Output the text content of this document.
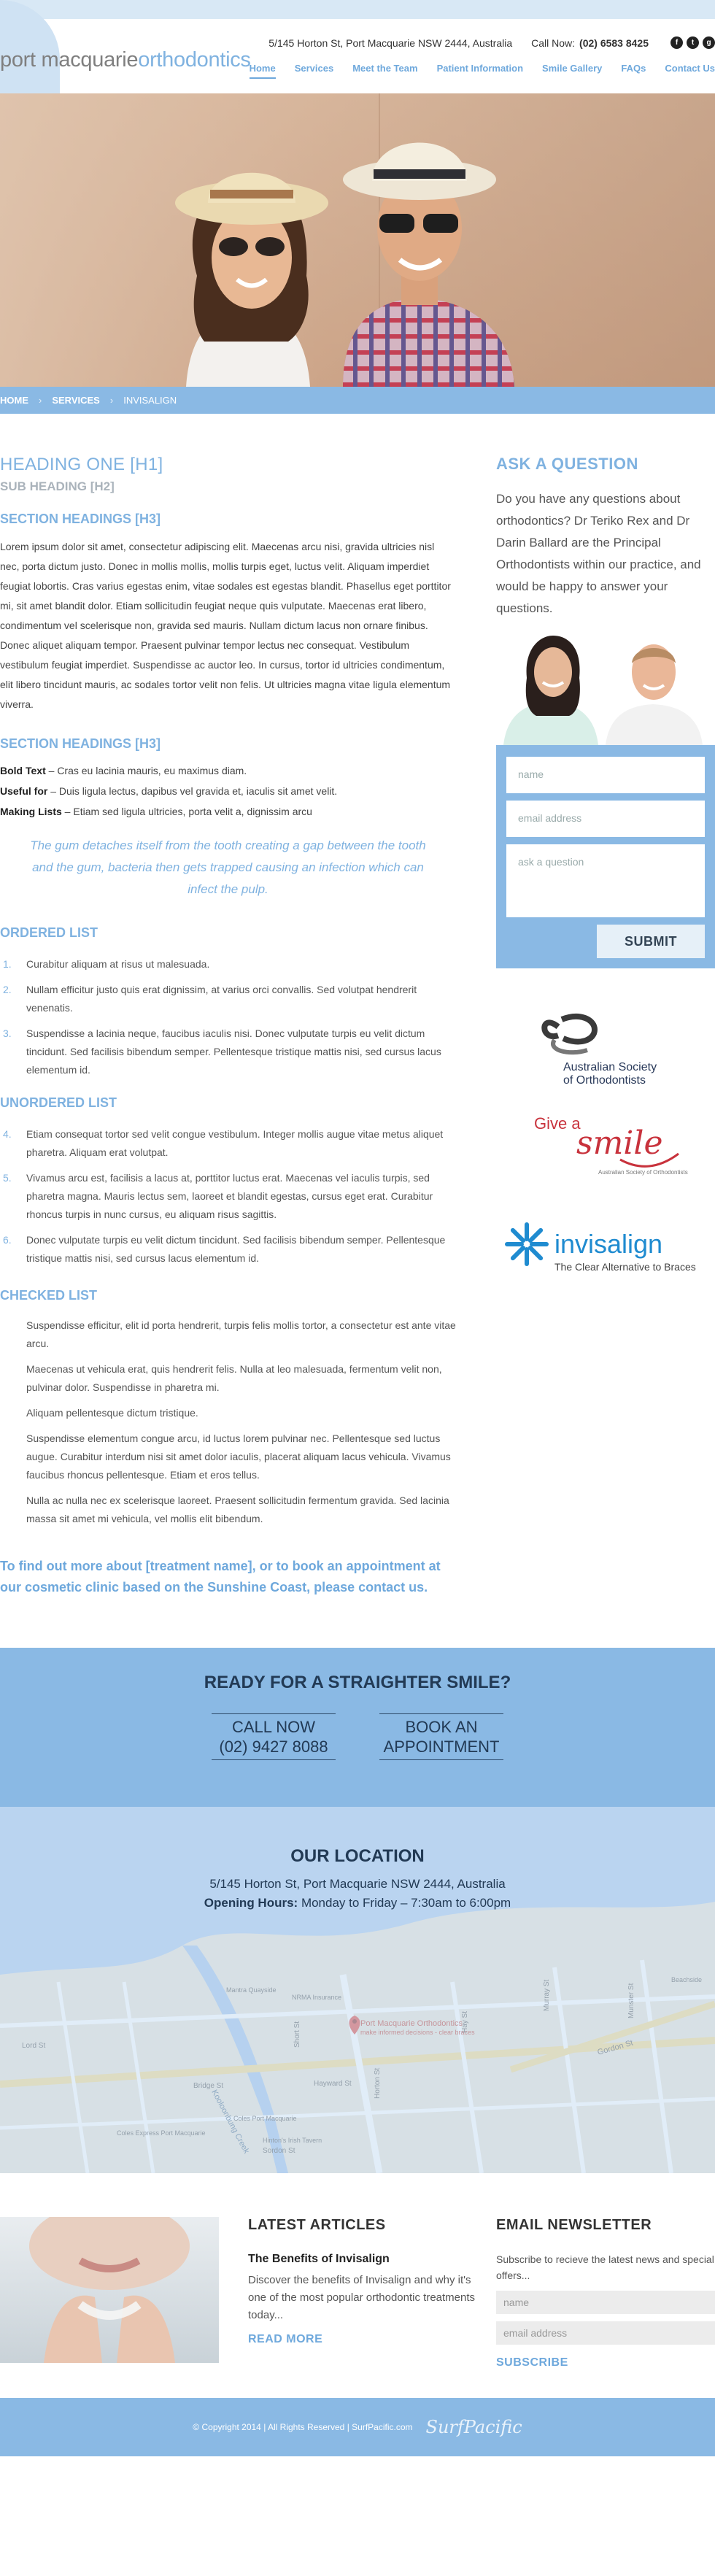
port macquarieorthodontics
5/145 Horton St, Port Macquarie NSW 2444, Australia Call Now: (02) 6583 8425	f	t	g
Home Services Meet the Team Patient Information Smile Gallery FAQs Contact Us
HOME › SERVICES › INVISALIGN
HEADING ONE [H1]
SUB HEADING [H2]
SECTION HEADINGS [H3]

Lorem ipsum dolor sit amet, consectetur adipiscing elit. Maecenas arcu nisi, gravida ultricies nisl nec, porta dictum justo. Donec in mollis mollis, mollis turpis eget, luctus velit. Aliquam imperdiet feugiat lobortis. Cras varius egestas enim, vitae sodales est egestas blandit. Phasellus eget porttitor mi, sit amet blandit dolor. Etiam sollicitudin feugiat neque quis vulputate. Maecenas erat libero, condimentum vel scelerisque non, gravida sed mauris. Nullam dictum lacus non ornare finibus. Donec aliquet aliquam tempor. Praesent pulvinar tempor lectus nec consequat. Vestibulum vestibulum feugiat imperdiet. Suspendisse ac auctor leo. In cursus, tortor id ultricies condimentum, elit libero tincidunt mauris, ac sodales tortor velit non felis. Ut ultricies magna vitae ligula elementum viverra.

SECTION HEADINGS [H3]

Bold Text – Cras eu lacinia mauris, eu maximus diam.

Useful for – Duis ligula lectus, dapibus vel gravida et, iaculis sit amet velit.

Making Lists – Etiam sed ligula ultricies, porta velit a, dignissim arcu

The gum detaches itself from the tooth creating a gap between the tooth and the gum, bacteria then gets trapped causing an infection which can infect the pulp.

ORDERED LIST
1. Curabitur aliquam at risus ut malesuada.
2. Nullam efficitur justo quis erat dignissim, at varius orci convallis. Sed volutpat hendrerit venenatis.
3. Suspendisse a lacinia neque, faucibus iaculis nisi. Donec vulputate turpis eu velit dictum tincidunt. Sed facilisis bibendum semper. Pellentesque tristique mattis nisi, sed cursus lacus elementum id.
UNORDERED LIST
4. Etiam consequat tortor sed velit congue vestibulum. Integer mollis augue vitae metus aliquet pharetra. Aliquam erat volutpat.
5. Vivamus arcu est, facilisis a lacus at, porttitor luctus erat. Maecenas vel iaculis turpis, sed pharetra magna. Mauris lectus sem, laoreet et blandit egestas, cursus eget erat. Curabitur rhoncus turpis in nunc cursus, eu aliquam risus sagittis.
6. Donec vulputate turpis eu velit dictum tincidunt. Sed facilisis bibendum semper. Pellentesque tristique mattis nisi, sed cursus lacus elementum id.
CHECKED LIST

Suspendisse efficitur, elit id porta hendrerit, turpis felis mollis tortor, a consectetur est ante vitae arcu.

Maecenas ut vehicula erat, quis hendrerit felis. Nulla at leo malesuada, fermentum velit non, pulvinar dolor. Suspendisse in pharetra mi.

Aliquam pellentesque dictum tristique.

Suspendisse elementum congue arcu, id luctus lorem pulvinar nec. Pellentesque sed luctus augue. Curabitur interdum nisi sit amet dolor iaculis, placerat aliquam lacus vehicula. Vivamus faucibus rhoncus pellentesque. Etiam et eros tellus.

Nulla ac nulla nec ex scelerisque laoreet. Praesent sollicitudin fermentum gravida. Sed lacinia massa sit amet mi vehicula, vel mollis elit bibendum.

To find out more about [treatment name], or to book an appointment at our cosmetic clinic based on the Sunshine Coast, please contact us.

ASK A QUESTION

Do you have any questions about orthodontics? Dr Teriko Rex and Dr Darin Ballard are the Principal Orthodontists within our practice, and would be happy to answer your questions.

name
email address
ask a question
SUBMIT
Australian Society
of Orthodontists
Give a
smile
Australian Society of Orthodontists
invisalign
The Clear Alternative to Braces
READY FOR A STRAIGHTER SMILE?
CALL NOW
(02) 9427 8088
BOOK AN
APPOINTMENT
OUR LOCATION
5/145 Horton St, Port Macquarie NSW 2444, Australia
Opening Hours: Monday to Friday – 7:30am to 6:00pm
LATEST ARTICLES
The Benefits of Invisalign

Discover the benefits of Invisalign and why it's one of the most popular orthodontic treatments today...

READ MORE
EMAIL NEWSLETTER

Subscribe to recieve the latest news and special offers...

name
email address
SUBSCRIBE
© Copyright 2014 | All Rights Reserved | SurfPacific.com SurfPacific
